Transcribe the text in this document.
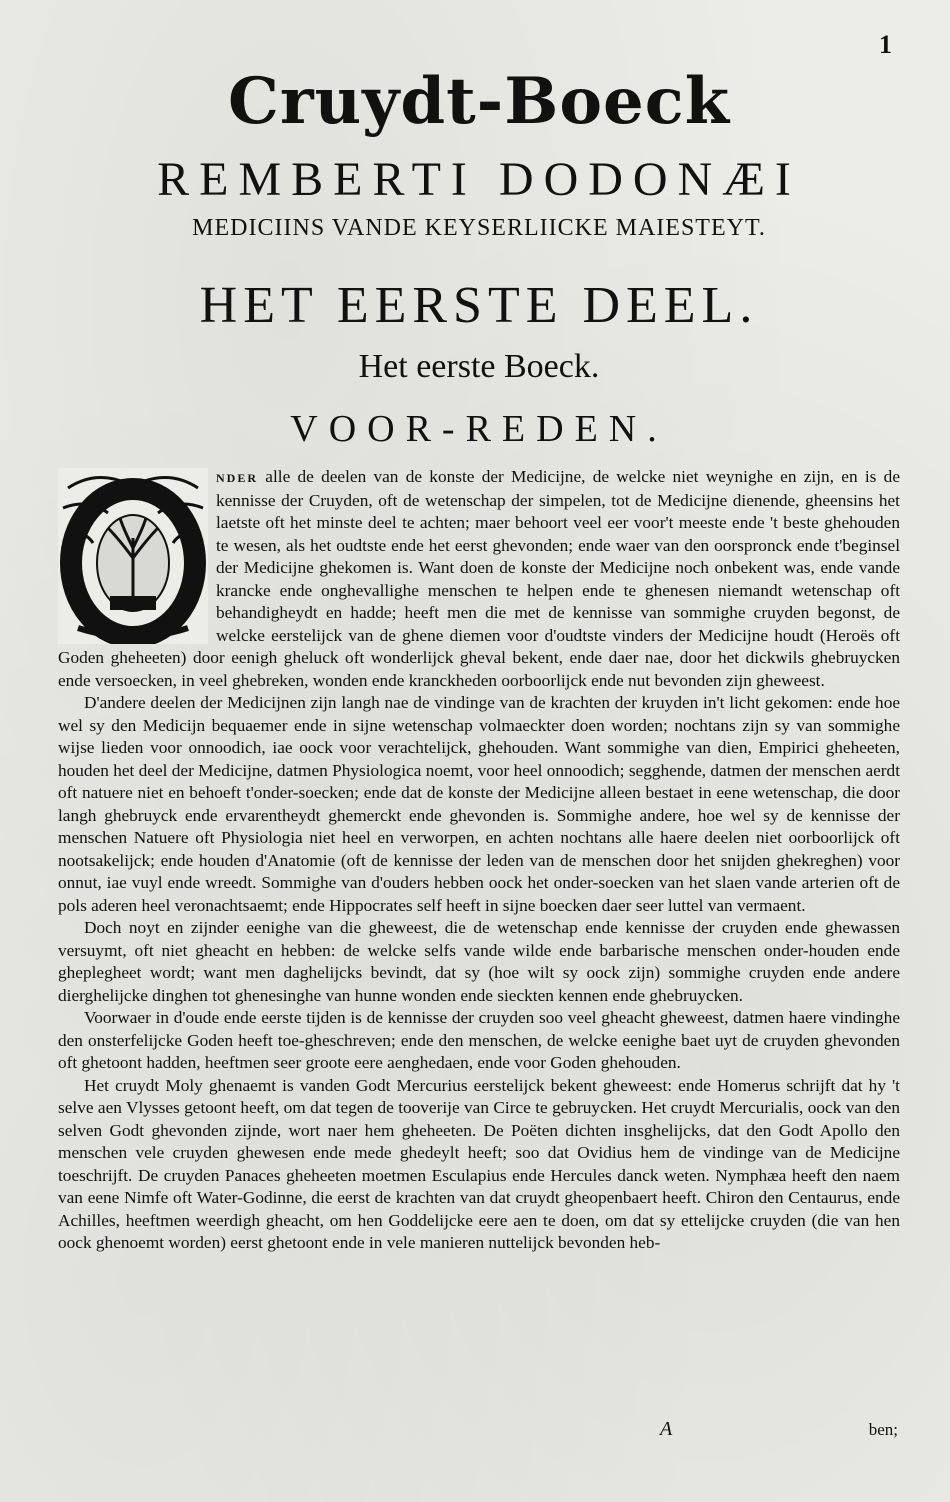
1
Cruydt-Boeck
REMBERTI DODONÆI
MEDICIINS VANDE KEYSERLIICKE MAIESTEYT.
HET EERSTE DEEL.
Het eerste Boeck.
VOOR-REDEN.

NDER alle de deelen van de konste der Medicijne, de welcke niet weynighe en zijn, en is de kennisse der Cruyden, oft de wetenschap der simpelen, tot de Medicijne dienende, gheensins het laetste oft het minste deel te achten; maer behoort veel eer voor't meeste ende 't beste ghehouden te wesen, als het oudtste ende het eerst ghevonden; ende waer van den oorspronck ende t'beginsel der Medicijne ghekomen is. Want doen de konste der Medicijne noch onbekent was, ende vande krancke ende onghevallighe menschen te helpen ende te ghenesen niemandt wetenschap oft behandigheydt en hadde; heeft men die met de kennisse van sommighe cruyden begonst, de welcke eerstelijck van de ghene diemen voor d'oudtste vinders der Medicijne houdt (Heroës oft Goden gheheeten) door eenigh gheluck oft wonderlijck gheval bekent, ende daer nae, door het dickwils ghebruycken ende versoecken, in veel ghebreken, wonden ende kranckheden oorboorlijck ende nut bevonden zijn gheweest.

D'andere deelen der Medicijnen zijn langh nae de vindinge van de krachten der kruyden in't licht gekomen: ende hoe wel sy den Medicijn bequaemer ende in sijne wetenschap volmaeckter doen worden; nochtans zijn sy van sommighe wijse lieden voor onnoodich, iae oock voor verachtelijck, ghehouden. Want sommighe van dien, Empirici gheheeten, houden het deel der Medicijne, datmen Physiologica noemt, voor heel onnoodich; segghende, datmen der menschen aerdt oft natuere niet en behoeft t'onder-soecken; ende dat de konste der Medicijne alleen bestaet in eene wetenschap, die door langh ghebruyck ende ervarentheydt ghemerckt ende ghevonden is. Sommighe andere, hoe wel sy de kennisse der menschen Natuere oft Physiologia niet heel en verworpen, en achten nochtans alle haere deelen niet oorboorlijck oft nootsakelijck; ende houden d'Anatomie (oft de kennisse der leden van de menschen door het snijden ghekreghen) voor onnut, iae vuyl ende wreedt. Sommighe van d'ouders hebben oock het onder-soecken van het slaen vande arterien oft de pols aderen heel veronachtsaemt; ende Hippocrates self heeft in sijne boecken daer seer luttel van vermaent.

Doch noyt en zijnder eenighe van die gheweest, die de wetenschap ende kennisse der cruyden ende ghewassen versuymt, oft niet gheacht en hebben: de welcke selfs vande wilde ende barbarische menschen onder-houden ende gheplegheet wordt; want men daghelijcks bevindt, dat sy (hoe wilt sy oock zijn) sommighe cruyden ende andere dierghelijcke dinghen tot ghenesinghe van hunne wonden ende sieckten kennen ende ghebruycken.

Voorwaer in d'oude ende eerste tijden is de kennisse der cruyden soo veel gheacht gheweest, datmen haere vindinghe den onsterfelijcke Goden heeft toe-gheschreven; ende den menschen, de welcke eenighe baet uyt de cruyden ghevonden oft ghetoont hadden, heeftmen seer groote eere aenghedaen, ende voor Goden ghehouden.

Het cruydt Moly ghenaemt is vanden Godt Mercurius eerstelijck bekent gheweest: ende Homerus schrijft dat hy 't selve aen Vlysses getoont heeft, om dat tegen de tooverije van Circe te gebruycken. Het cruydt Mercurialis, oock van den selven Godt ghevonden zijnde, wort naer hem gheheeten. De Poëten dichten insghelijcks, dat den Godt Apollo den menschen vele cruyden ghewesen ende mede ghedeylt heeft; soo dat Ovidius hem de vindinge van de Medicijne toeschrijft. De cruyden Panaces gheheeten moetmen Esculapius ende Hercules danck weten. Nymphæa heeft den naem van eene Nimfe oft Water-Godinne, die eerst de krachten van dat cruydt gheopenbaert heeft. Chiron den Centaurus, ende Achilles, heeftmen weerdigh gheacht, om hen Goddelijcke eere aen te doen, om dat sy ettelijcke cruyden (die van hen oock ghenoemt worden) eerst ghetoont ende in vele manieren nuttelijck bevonden heb-

A	ben;
